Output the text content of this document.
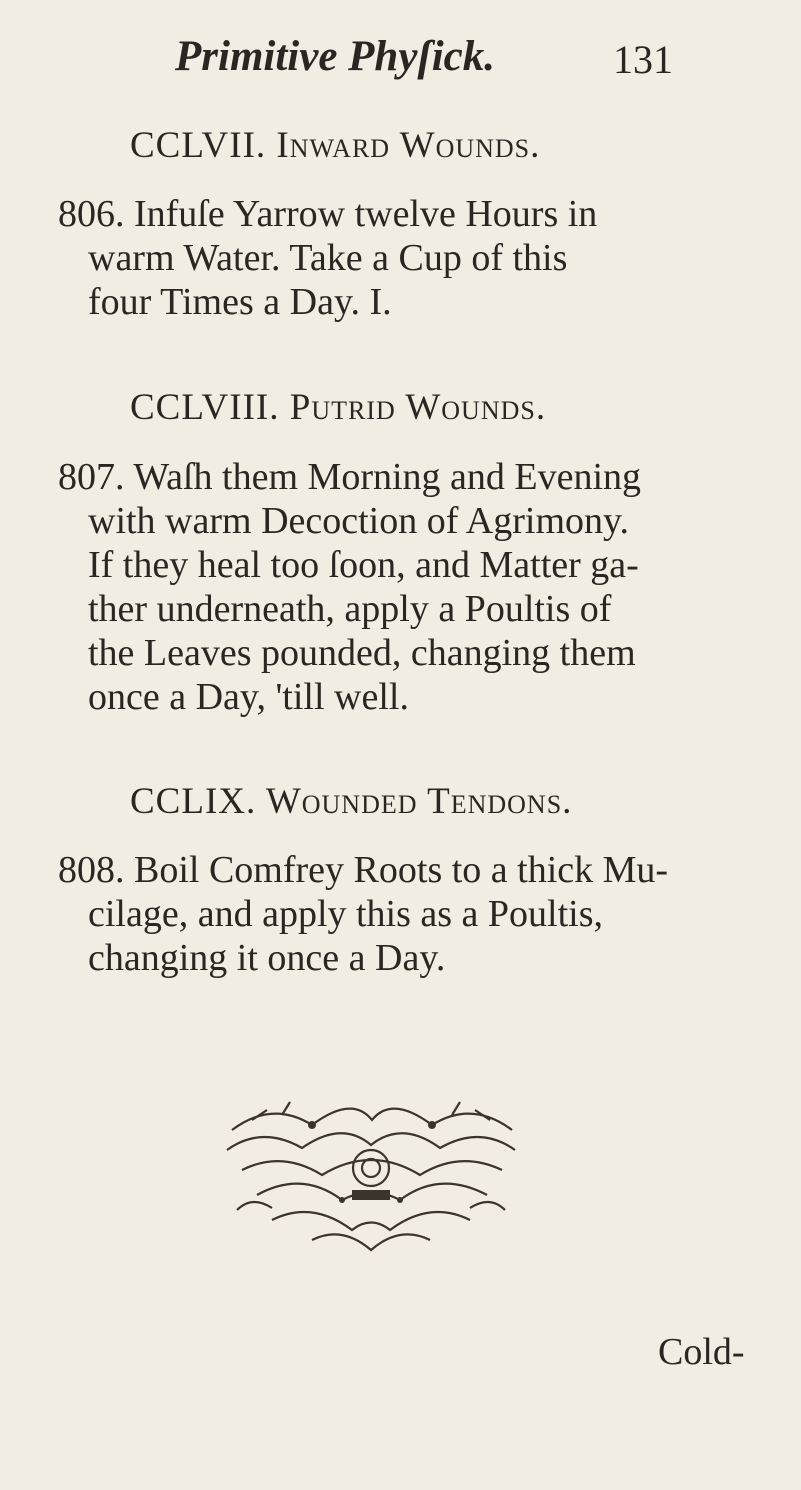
Primitive Phyſick.	131
CCLVII. Inward Wounds.
806. Infuſe Yarrow twelve Hours in
warm Water. Take a Cup of this
four Times a Day. I.
CCLVIII. Putrid Wounds.
807. Waſh them Morning and Evening
with warm Decoction of Agrimony.
If they heal too ſoon, and Matter ga-
ther underneath, apply a Poultis of
the Leaves pounded, changing them
once a Day, 'till well.
CCLIX. Wounded Tendons.
808. Boil Comfrey Roots to a thick Mu-
cilage, and apply this as a Poultis,
changing it once a Day.
Cold-
